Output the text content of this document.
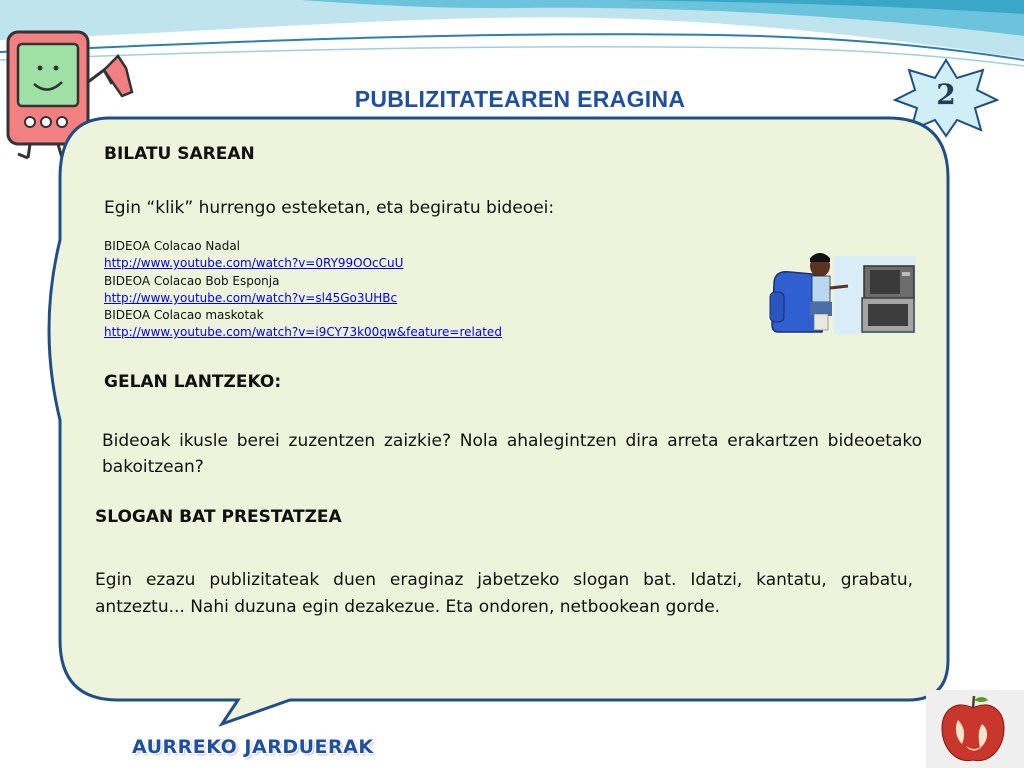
PUBLIZITATEAREN ERAGINA	2
BILATU SAREAN
Egin “klik” hurrengo esteketan, eta begiratu bideoei:
BIDEOA Colacao Nadal
http://www.youtube.com/watch?v=0RY99OOcCuU
BIDEOA Colacao Bob Esponja
http://www.youtube.com/watch?v=sl45Go3UHBc
BIDEOA Colacao maskotak
http://www.youtube.com/watch?v=i9CY73k00qw&feature=related
GELAN LANTZEKO:
Bideoak ikusle berei zuzentzen zaizkie? Nola ahalegintzen dira arreta erakartzen bideoetako bakoitzean?
SLOGAN BAT PRESTATZEA
Egin ezazu publizitateak duen eraginaz jabetzeko slogan bat. Idatzi, kantatu, grabatu, antzeztu... Nahi duzuna egin dezakezue. Eta ondoren, netbookean gorde.
AURREKO JARDUERAK
